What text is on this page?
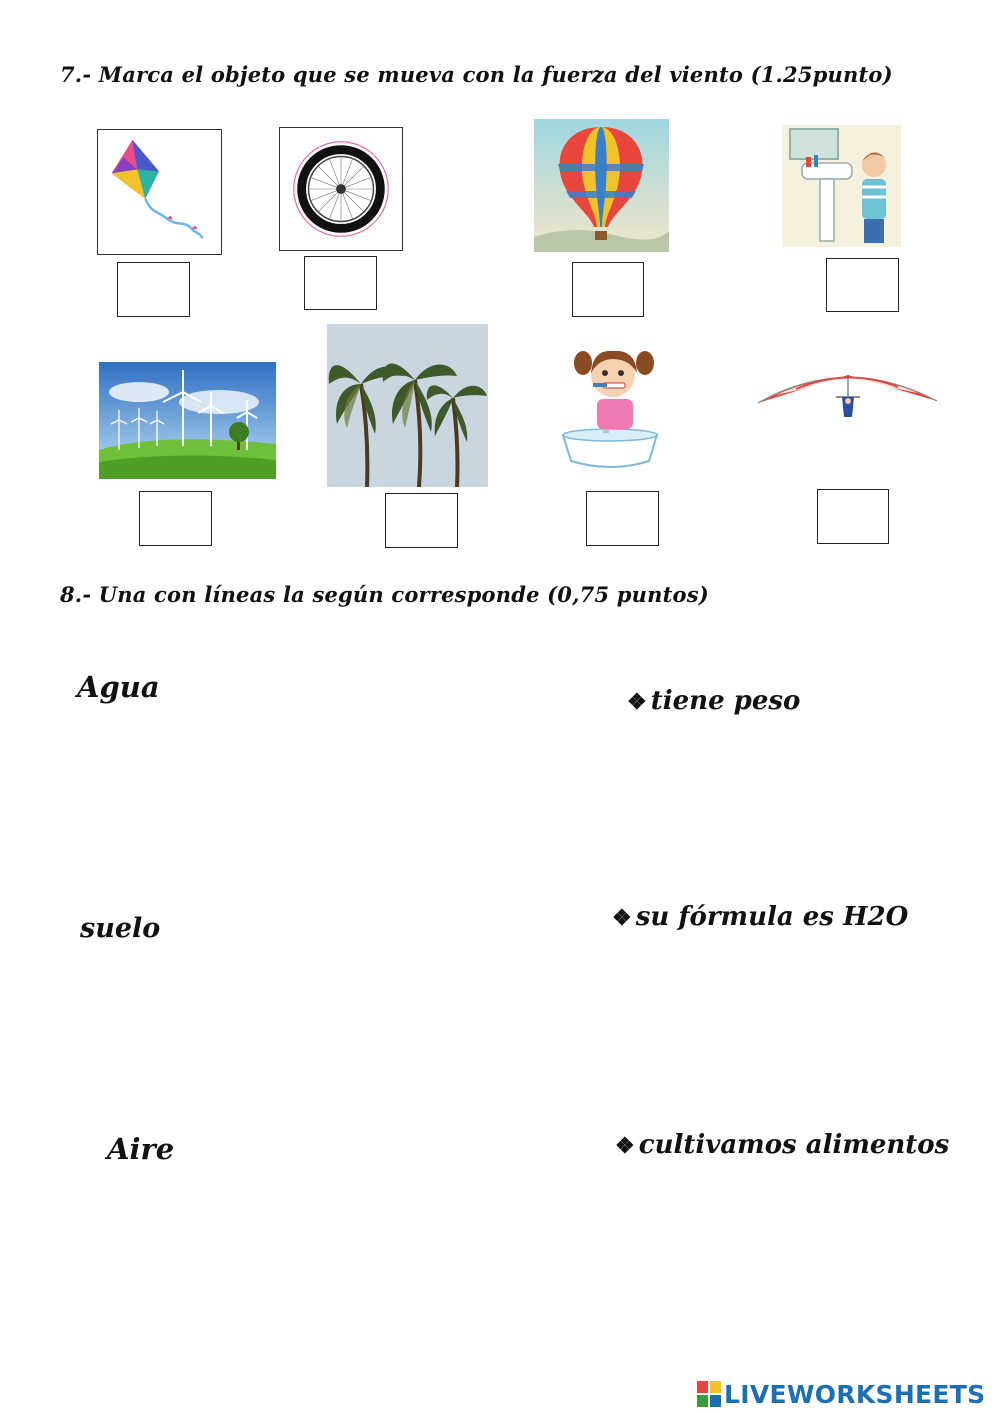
7.- Marca el objeto que se mueva con la fuerza del viento (1.25punto)
8.- Una con líneas la según corresponde (0,75 puntos)
Agua
suelo
Aire
❖ tiene peso
❖ su fórmula es H2O
❖ cultivamos alimentos
LIVEWORKSHEETS
